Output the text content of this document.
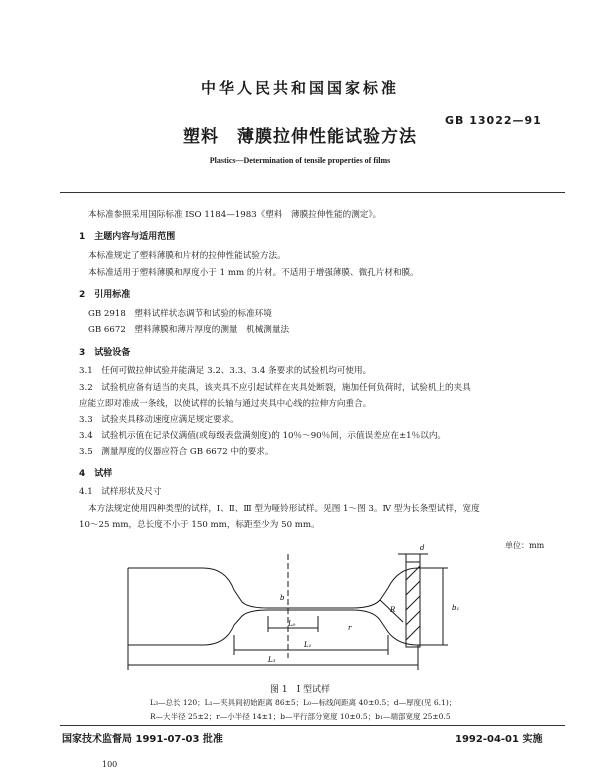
中华人民共和国国家标准
GB 13022—91
塑料　薄膜拉伸性能试验方法
Plastics—Determination of tensile properties of films
本标准参照采用国际标准 ISO 1184—1983《塑料　薄膜拉伸性能的测定》。
1　主题内容与适用范围
本标准规定了塑料薄膜和片材的拉伸性能试验方法。
本标准适用于塑料薄膜和厚度小于 1 mm 的片材。不适用于增强薄膜、微孔片材和膜。
2　引用标准
GB 2918　塑料试样状态调节和试验的标准环境
GB 6672　塑料薄膜和薄片厚度的测量　机械测量法
3　试验设备
3.1　任何可做拉伸试验并能满足 3.2、3.3、3.4 条要求的试验机均可使用。
3.2　试验机应备有适当的夹具，该夹具不应引起试样在夹具处断裂，施加任何负荷时，试验机上的夹具
应能立即对准成一条线，以使试样的长轴与通过夹具中心线的拉伸方向重合。
3.3　试验夹具移动速度应满足规定要求。
3.4　试验机示值在记录仪满值(或每级表盘满刻度)的 10％～90％间，示值误差应在±1％以内。
3.5　测量厚度的仪器应符合 GB 6672 中的要求。
4　试样
4.1　试样形状及尺寸
本方法规定使用四种类型的试样，Ⅰ、Ⅱ、Ⅲ 型为哑铃形试样。见图 1～图 3。Ⅳ 型为长条型试样，宽度
10～25 mm，总长度不小于 150 mm，标距至少为 50 mm。
单位：mm
d
b
b₁
R
r
L₀
L₁
L₃
图 1　Ⅰ 型试样
L₃—总长 120；L₁—夹具间初始距离 86±5；L₀—标线间距离 40±0.5；d—厚度(见 6.1)；
R—大半径 25±2；r—小半径 14±1；b—平行部分宽度 10±0.5；b₁—端部宽度 25±0.5
国家技术监督局 1991-07-03 批准	1992-04-01 实施
100
